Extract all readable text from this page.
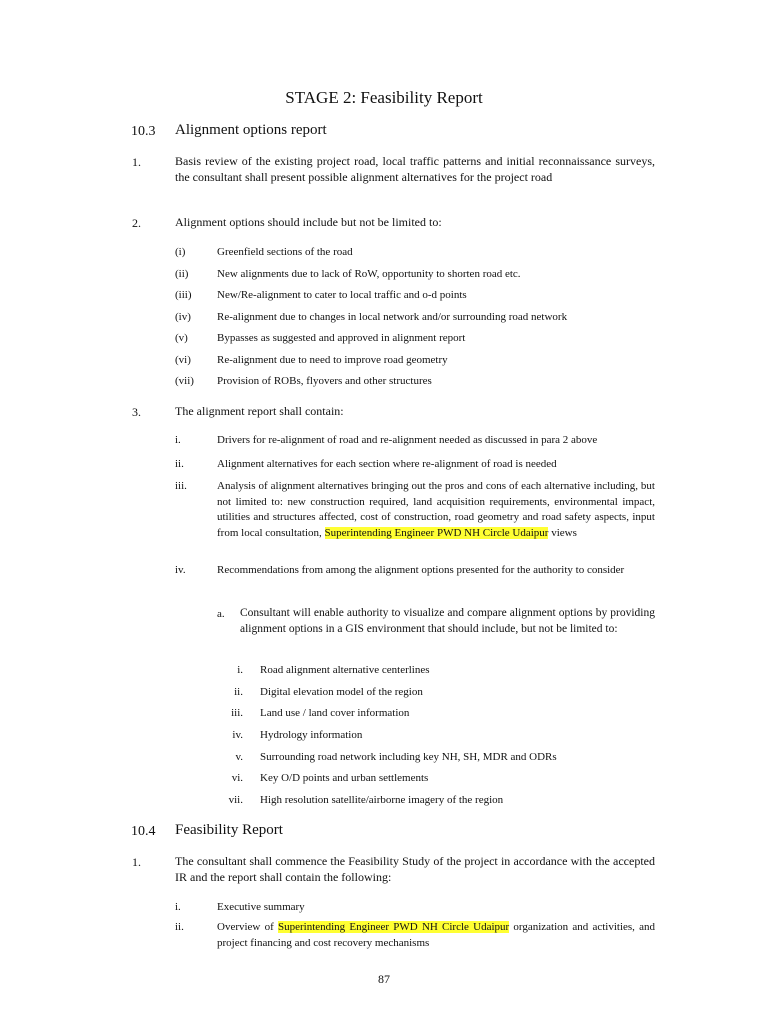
STAGE 2: Feasibility Report

10.3 Alignment options report
1.	Basis review of the existing project road, local traffic patterns and initial reconnaissance surveys, the consultant shall present possible alignment alternatives for the project road

2.	Alignment options should include but not be limited to:

(i)	Greenfield sections of the road
(ii)	New alignments due to lack of RoW, opportunity to shorten road etc.
(iii) New/Re-alignment to cater to local traffic and o-d points
(iv) Re-alignment due to changes in local network and/or surrounding road network
(v)	Bypasses as suggested and approved in alignment report
(vi) Re-alignment due to need to improve road geometry
(vii) Provision of ROBs, flyovers and other structures
3.	The alignment report shall contain:

i.	Drivers for re-alignment of road and re-alignment needed as discussed in para 2 above
ii.	Alignment alternatives for each section where re-alignment of road is needed
iii.	Analysis of alignment alternatives bringing out the pros and cons of each alternative including, but not limited to: new construction required, land acquisition requirements, environmental impact, utilities and structures affected, cost of construction, road geometry and road safety aspects, input from local consultation, Superintending Engineer PWD NH Circle Udaipur views

iv.	Recommendations from among the alignment options presented for the authority to consider

a. Consultant will enable authority to visualize and compare alignment options by providing alignment options in a GIS environment that should include, but not be limited to:

i. Road alignment alternative centerlines
ii. Digital elevation model of the region
iii. Land use / land cover information
iv. Hydrology information
v. Surrounding road network including key NH, SH, MDR and ODRs
vi. Key O/D points and urban settlements
vii. High resolution satellite/airborne imagery of the region
10.4 Feasibility Report
1.	The consultant shall commence the Feasibility Study of the project in accordance with the accepted IR and the report shall contain the following:

i.	Executive summary
ii.	Overview of Superintending Engineer PWD NH Circle Udaipur organization and activities, and project financing and cost recovery mechanisms

87
